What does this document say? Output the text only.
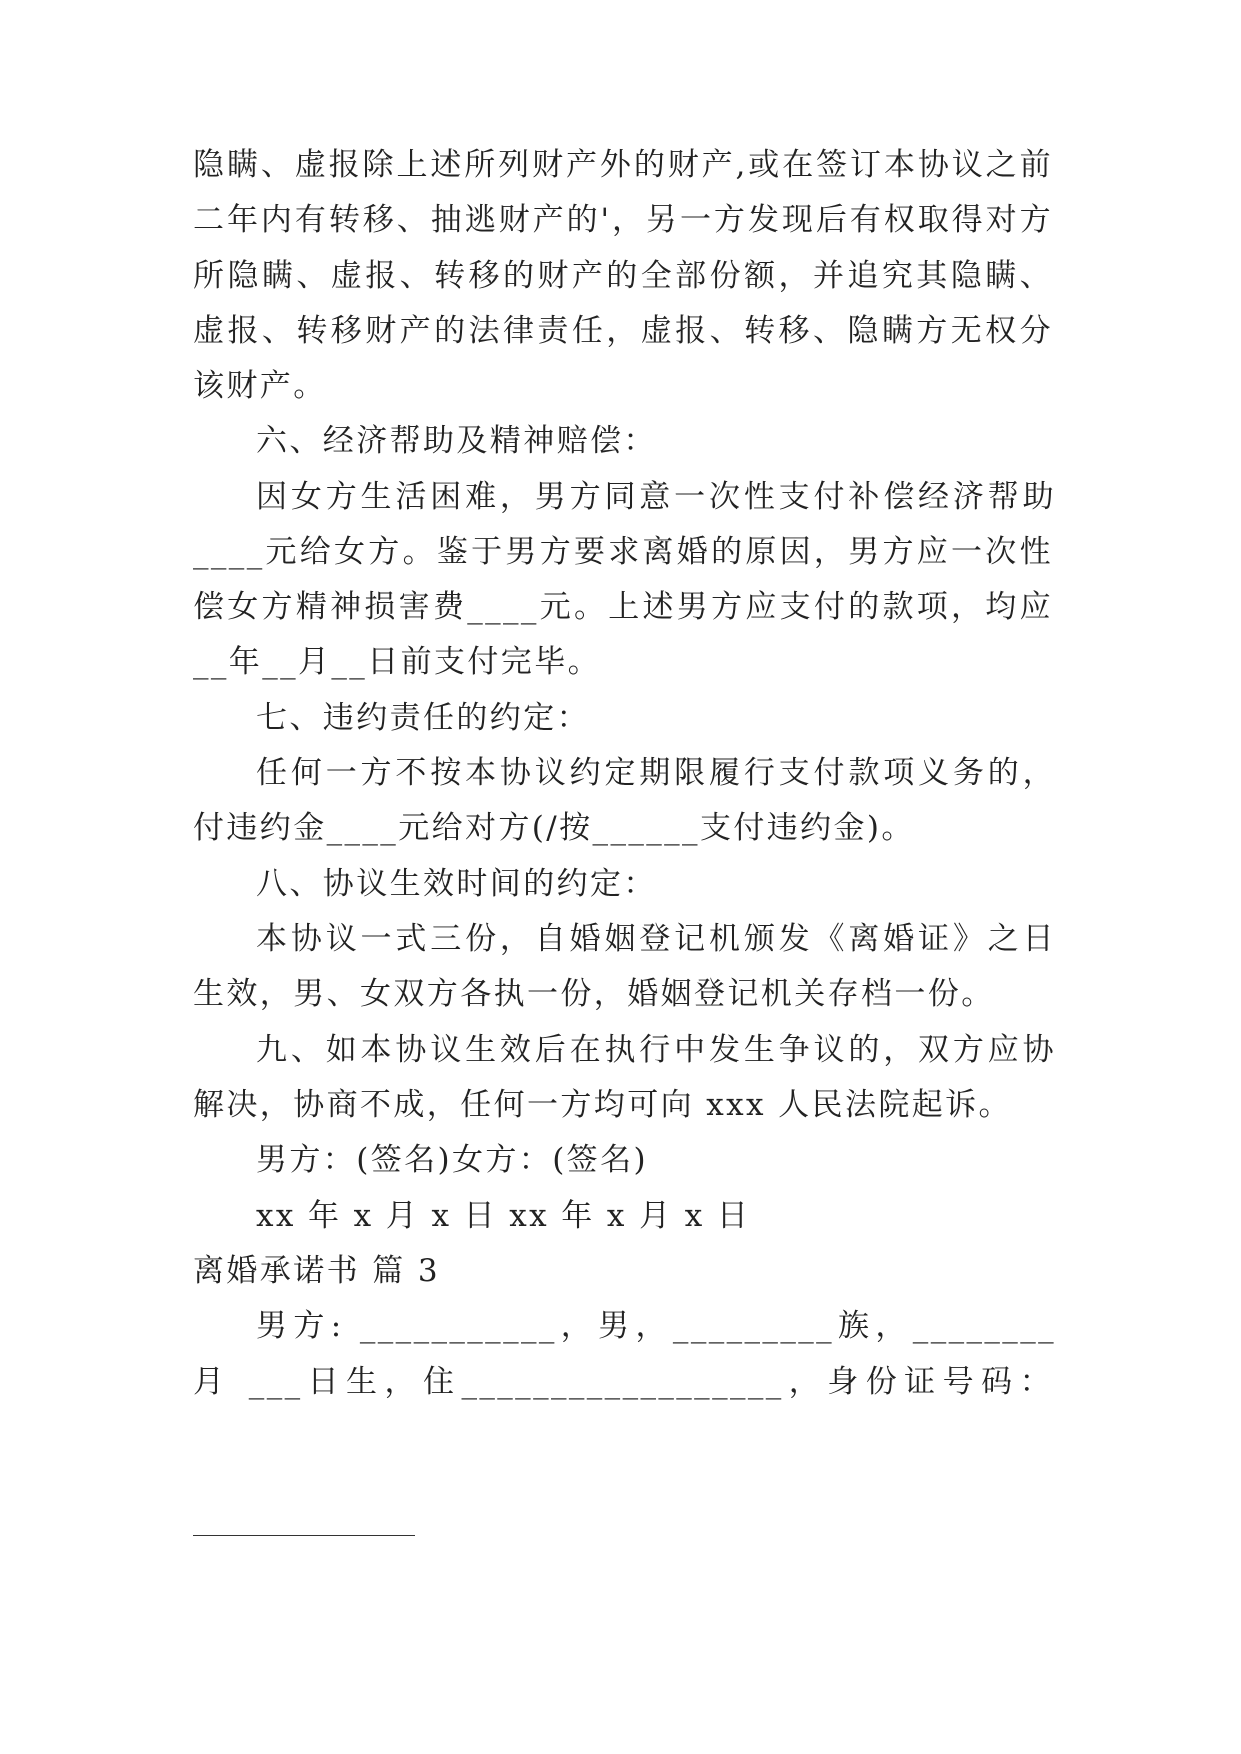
隐瞒、虚报除上述所列财产外的财产,或在签订本协议之前
二年内有转移、抽逃财产的'，另一方发现后有权取得对方
所隐瞒、虚报、转移的财产的全部份额，并追究其隐瞒、
虚报、转移财产的法律责任，虚报、转移、隐瞒方无权分
该财产。
六、经济帮助及精神赔偿：
因女方生活困难，男方同意一次性支付补偿经济帮助
____元给女方。鉴于男方要求离婚的原因，男方应一次性
偿女方精神损害费____元。上述男方应支付的款项，均应
__年__月__日前支付完毕。
七、违约责任的约定：
任何一方不按本协议约定期限履行支付款项义务的，
付违约金____元给对方(/按______支付违约金)。
八、协议生效时间的约定：
本协议一式三份，自婚姻登记机颁发《离婚证》之日
生效，男、女双方各执一份，婚姻登记机关存档一份。
九、如本协议生效后在执行中发生争议的，双方应协
解决，协商不成，任何一方均可向 xxx 人民法院起诉。
男方：(签名)女方：(签名)
xx 年 x 月 x 日 xx 年 x 月 x 日
离婚承诺书 篇 3
男方: ___________，男，_________族，________
月 ___日生，住__________________，身份证号码：
